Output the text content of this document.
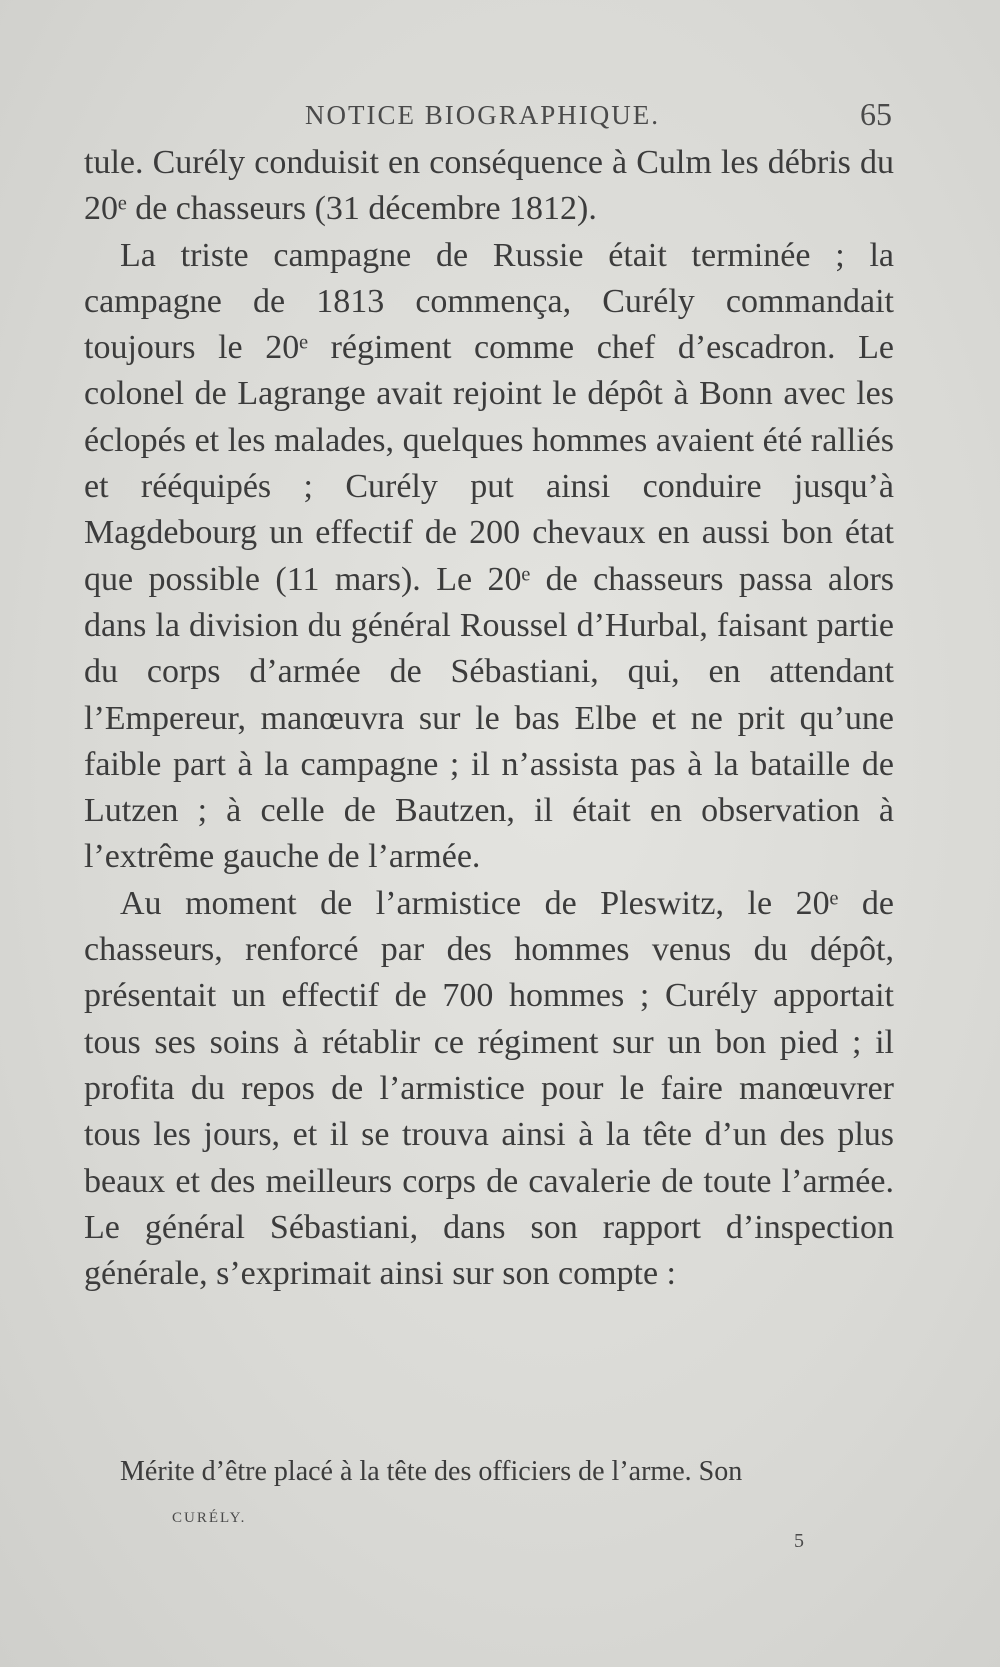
NOTICE BIOGRAPHIQUE.	65

tule. Curély conduisit en conséquence à Culm les débris du 20ᵉ de chasseurs (31 décembre 1812).

La triste campagne de Russie était terminée ; la campagne de 1813 commença, Curély commandait toujours le 20ᵉ régiment comme chef d’escadron. Le colonel de Lagrange avait rejoint le dépôt à Bonn avec les éclopés et les malades, quelques hommes avaient été ralliés et rééquipés ; Curély put ainsi conduire jusqu’à Magdebourg un effectif de 200 chevaux en aussi bon état que possible (11 mars). Le 20ᵉ de chasseurs passa alors dans la division du général Roussel d’Hurbal, faisant partie du corps d’armée de Sébastiani, qui, en attendant l’Empereur, manœuvra sur le bas Elbe et ne prit qu’une faible part à la campagne ; il n’assista pas à la bataille de Lutzen ; à celle de Bautzen, il était en observation à l’extrême gauche de l’armée.

Au moment de l’armistice de Pleswitz, le 20ᵉ de chasseurs, renforcé par des hommes venus du dépôt, présentait un effectif de 700 hommes ; Curély apportait tous ses soins à rétablir ce régiment sur un bon pied ; il profita du repos de l’armistice pour le faire manœuvrer tous les jours, et il se trouva ainsi à la tête d’un des plus beaux et des meilleurs corps de cavalerie de toute l’armée. Le général Sébastiani, dans son rapport d’inspection générale, s’exprimait ainsi sur son compte :

Mérite d’être placé à la tête des officiers de l’arme. Son
CURÉLY.
5
